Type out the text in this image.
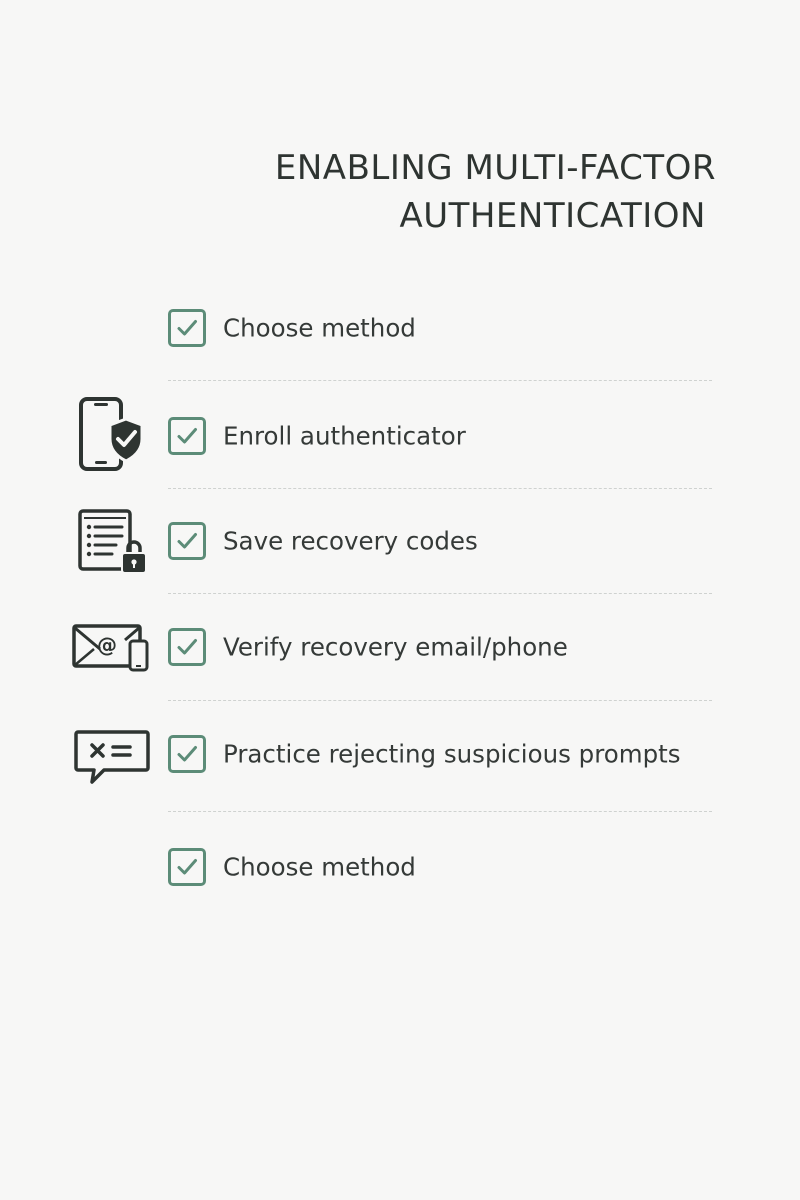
ENABLING MULTI-FACTOR
AUTHENTICATION
Choose method
Enroll authenticator
Save recovery codes
@	Verify recovery email/phone
Practice rejecting suspicious prompts
Choose method
